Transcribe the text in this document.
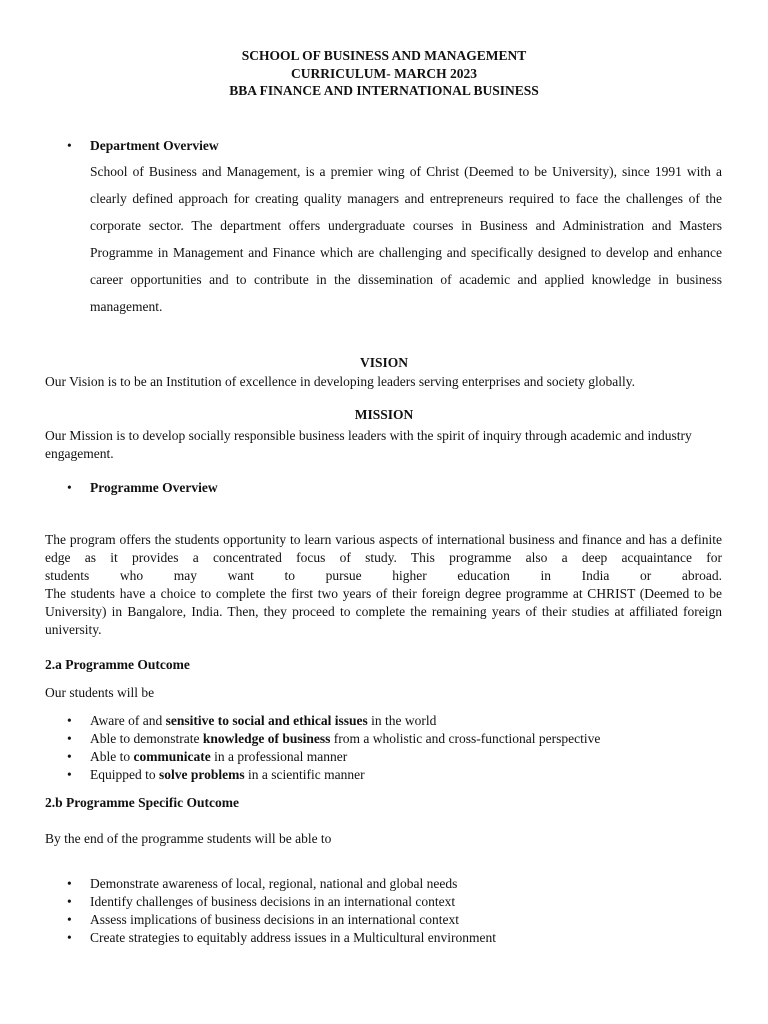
SCHOOL OF BUSINESS AND MANAGEMENT
CURRICULUM- MARCH 2023
BBA FINANCE AND INTERNATIONAL BUSINESS
•	Department Overview
School of Business and Management, is a premier wing of Christ (Deemed to be University), since 1991 with a clearly defined approach for creating quality managers and entrepreneurs required to face the challenges of the corporate sector. The department offers undergraduate courses in Business and Administration and Masters Programme in Management and Finance which are challenging and specifically designed to develop and enhance career opportunities and to contribute in the dissemination of academic and applied knowledge in business management.
VISION
Our Vision is to be an Institution of excellence in developing leaders serving enterprises and society globally.
MISSION
Our Mission is to develop socially responsible business leaders with the spirit of inquiry through academic and industry engagement.
•	Programme Overview
The program offers the students opportunity to learn various aspects of international business and finance and has a definite edge as it provides a concentrated focus of study. This programme also a deep acquaintance for
students who may want to pursue higher education in India or abroad.
The students have a choice to complete the first two years of their foreign degree programme at CHRIST (Deemed to be University) in Bangalore, India. Then, they proceed to complete the remaining years of their studies at affiliated foreign university.
2.a Programme Outcome
Our students will be
•	Aware of and sensitive to social and ethical issues in the world
•	Able to demonstrate knowledge of business from a wholistic and cross-functional perspective
•	Able to communicate in a professional manner
•	Equipped to solve problems in a scientific manner
2.b Programme Specific Outcome
By the end of the programme students will be able to
•	Demonstrate awareness of local, regional, national and global needs
•	Identify challenges of business decisions in an international context
•	Assess implications of business decisions in an international context
•	Create strategies to equitably address issues in a Multicultural environment
